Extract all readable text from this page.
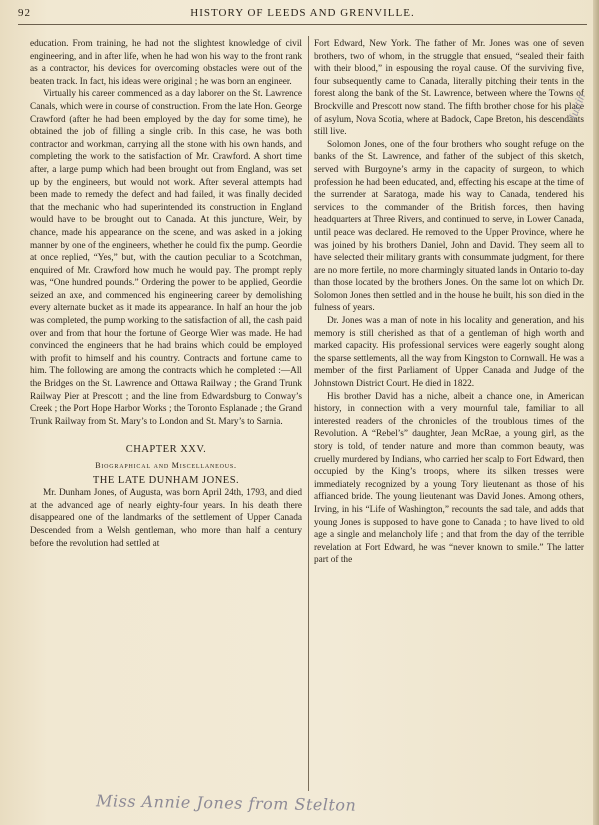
92	HISTORY OF LEEDS AND GRENVILLE.

education. From training, he had not the slightest knowledge of civil engineering, and in after life, when he had won his way to the front rank as a contractor, his devices for overcoming obstacles were out of the beaten track. In fact, his ideas were original ; he was born an engineer.

Virtually his career commenced as a day laborer on the St. Lawrence Canals, which were in course of construction. From the late Hon. George Crawford (after he had been employed by the day for some time), he obtained the job of filling a single crib. In this case, he was both contractor and workman, carrying all the stone with his own hands, and completing the work to the satisfaction of Mr. Crawford. A short time after, a large pump which had been brought out from England, was set up by the engineers, but would not work. After several attempts had been made to remedy the defect and had failed, it was finally decided that the mechanic who had superintended its construction in England would have to be brought out to Canada. At this juncture, Weir, by chance, made his appearance on the scene, and was asked in a joking manner by one of the engineers, whether he could fix the pump. Geordie at once replied, “Yes,” but, with the caution peculiar to a Scotchman, enquired of Mr. Crawford how much he would pay. The prompt reply was, “One hundred pounds.” Ordering the power to be applied, Geordie seized an axe, and commenced his engineering career by demolishing every alternate bucket as it made its appearance. In half an hour the job was completed, the pump working to the satisfaction of all, the cash paid over and from that hour the fortune of George Wier was made. He had convinced the engineers that he had brains which could be employed with profit to himself and his country. Contracts and fortune came to him. The following are among the contracts which he completed :—All the Bridges on the St. Lawrence and Ottawa Railway ; the Grand Trunk Railway Pier at Prescott ; and the line from Edwardsburg to Conway’s Creek ; the Port Hope Harbor Works ; the Toronto Esplanade ; the Grand Trunk Railway from St. Mary’s to London and St. Mary’s to Sarnia.

CHAPTER XXV.

Biographical and Miscellaneous.

THE LATE DUNHAM JONES.

Mr. Dunham Jones, of Augusta, was born April 24th, 1793, and died at the advanced age of nearly eighty-four years. In his death there disappeared one of the landmarks of the settlement of Upper Canada Descended from a Welsh gentleman, who more than half a century before the revolution had settled at

Fort Edward, New York. The father of Mr. Jones was one of seven brothers, two of whom, in the struggle that ensued, “sealed their faith with their blood,” in espousing the royal cause. Of the surviving five, four subsequently came to Canada, literally pitching their tents in the forest along the bank of the St. Lawrence, between where the Towns of Brockville and Prescott now stand. The fifth brother chose for his place of asylum, Nova Scotia, where at Badock, Cape Breton, his descendants still live.

Solomon Jones, one of the four brothers who sought refuge on the banks of the St. Lawrence, and father of the subject of this sketch, served with Burgoyne’s army in the capacity of surgeon, to which profession he had been educated, and, effecting his escape at the time of the surrender at Saratoga, made his way to Canada, tendered his services to the commander of the British forces, then having headquarters at Three Rivers, and continued to serve, in Lower Canada, until peace was declared. He removed to the Upper Province, where he was joined by his brothers Daniel, John and David. They seem all to have selected their military grants with consummate judgment, for there are no more fertile, no more charmingly situated lands in Ontario to-day than those located by the brothers Jones. On the same lot on which Dr. Solomon Jones then settled and in the house he built, his son died in the fulness of years.

Dr. Jones was a man of note in his locality and generation, and his memory is still cherished as that of a gentleman of high worth and marked capacity. His professional services were eagerly sought along the sparse settlements, all the way from Kingston to Cornwall. He was a member of the first Parliament of Upper Canada and Judge of the Johnstown District Court. He died in 1822.

His brother David has a niche, albeit a chance one, in American history, in connection with a very mournful tale, familiar to all interested readers of the chronicles of the troublous times of the Revolution. A “Rebel’s” daughter, Jean McRae, a young girl, as the story is told, of tender nature and more than common beauty, was cruelly murdered by Indians, who carried her scalp to Fort Edward, then occupied by the King’s troops, where its silken tresses were immediately recognized by a young Tory lieutenant as those of his affianced bride. The young lieutenant was David Jones. Among others, Irving, in his “Life of Washington,” recounts the sad tale, and adds that young Jones is supposed to have gone to Canada ; to have lived to old age a single and melancholy life ; and that from the day of the terrible revelation at Fort Edward, he was “never known to smile.” The latter part of the

Justin
Miss Annie Jones from Stelton
